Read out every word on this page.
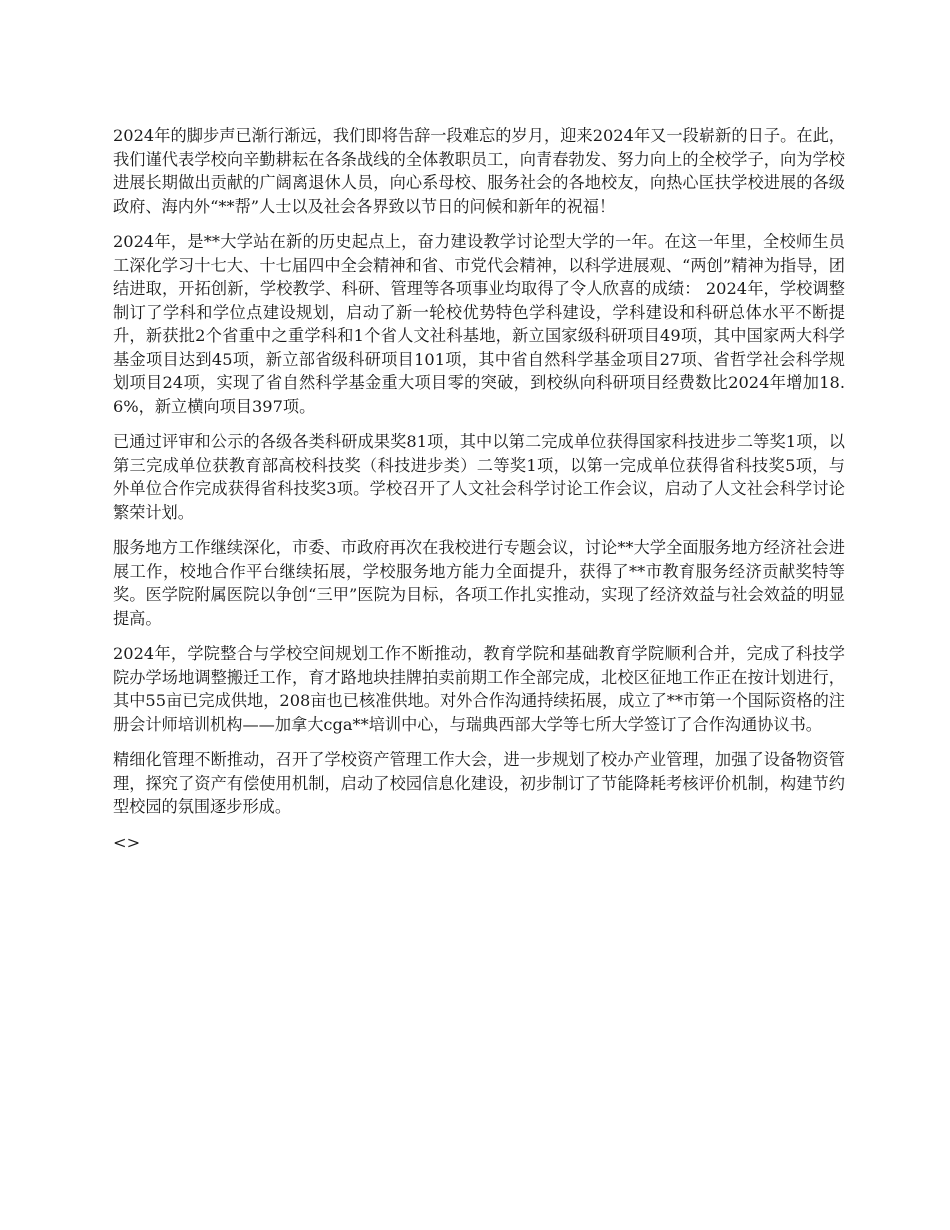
2024年的脚步声已渐行渐远，我们即将告辞一段难忘的岁月，迎来2024年又一段崭新的日子。在此，我们谨代表学校向辛勤耕耘在各条战线的全体教职员工，向青春勃发、努力向上的全校学子，向为学校进展长期做出贡献的广阔离退休人员，向心系母校、服务社会的各地校友，向热心匡扶学校进展的各级政府、海内外“**帮”人士以及社会各界致以节日的问候和新年的祝福！

2024年，是**大学站在新的历史起点上，奋力建设教学讨论型大学的一年。在这一年里，全校师生员工深化学习十七大、十七届四中全会精神和省、市党代会精神，以科学进展观、“两创”精神为指导，团结进取，开拓创新，学校教学、科研、管理等各项事业均取得了令人欣喜的成绩： 2024年，学校调整制订了学科和学位点建设规划，启动了新一轮校优势特色学科建设，学科建设和科研总体水平不断提升，新获批2个省重中之重学科和1个省人文社科基地，新立国家级科研项目49项，其中国家两大科学基金项目达到45项，新立部省级科研项目101项，其中省自然科学基金项目27项、省哲学社会科学规划项目24项，实现了省自然科学基金重大项目零的突破，到校纵向科研项目经费数比2024年增加18.6%，新立横向项目397项。

已通过评审和公示的各级各类科研成果奖81项，其中以第二完成单位获得国家科技进步二等奖1项，以第三完成单位获教育部高校科技奖（科技进步类）二等奖1项，以第一完成单位获得省科技奖5项，与外单位合作完成获得省科技奖3项。学校召开了人文社会科学讨论工作会议，启动了人文社会科学讨论繁荣计划。

服务地方工作继续深化，市委、市政府再次在我校进行专题会议，讨论**大学全面服务地方经济社会进展工作，校地合作平台继续拓展，学校服务地方能力全面提升，获得了**市教育服务经济贡献奖特等奖。医学院附属医院以争创“三甲”医院为目标，各项工作扎实推动，实现了经济效益与社会效益的明显提高。

2024年，学院整合与学校空间规划工作不断推动，教育学院和基础教育学院顺利合并，完成了科技学院办学场地调整搬迁工作，育才路地块挂牌拍卖前期工作全部完成，北校区征地工作正在按计划进行，其中55亩已完成供地，208亩也已核准供地。对外合作沟通持续拓展，成立了**市第一个国际资格的注册会计师培训机构——加拿大cga**培训中心，与瑞典西部大学等七所大学签订了合作沟通协议书。

精细化管理不断推动，召开了学校资产管理工作大会，进一步规划了校办产业管理，加强了设备物资管理，探究了资产有偿使用机制，启动了校园信息化建设，初步制订了节能降耗考核评价机制，构建节约型校园的氛围逐步形成。

<>
